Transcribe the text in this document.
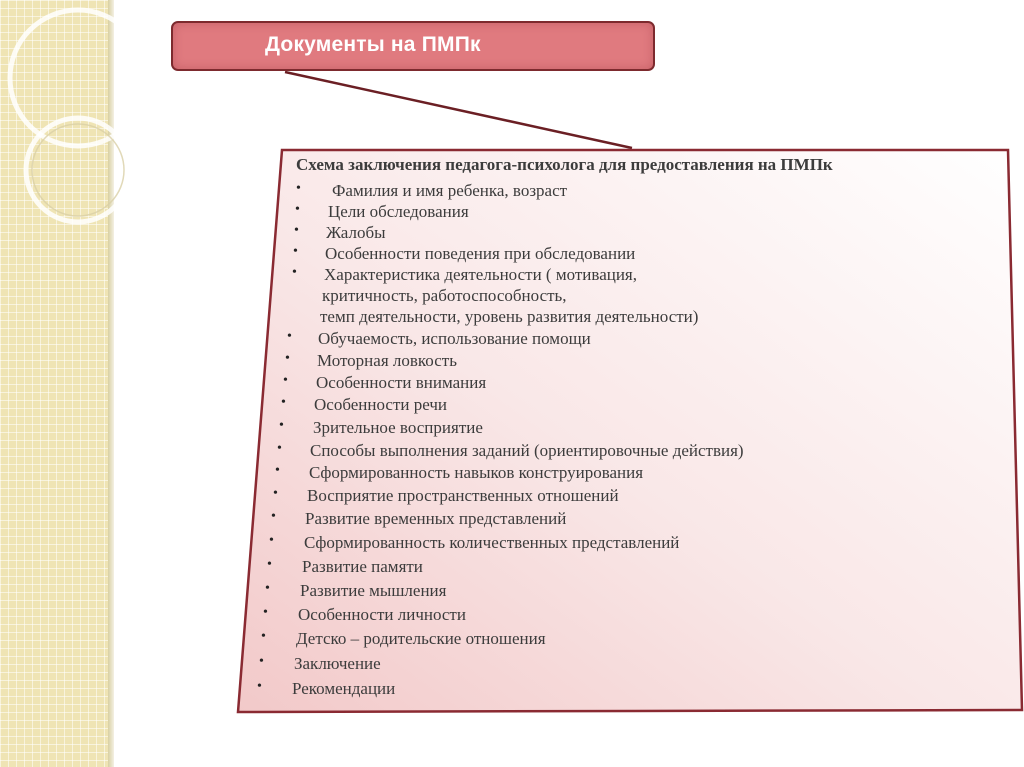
Документы на ПМПк
Схема заключения педагога-психолога для предоставления на ПМПк
• Фамилия и имя ребенка, возраст
• Цели обследования
• Жалобы
• Особенности поведения при обследовании
• Характеристика деятельности ( мотивация,
критичность, работоспособность,
темп деятельности, уровень развития деятельности)
• Обучаемость, использование помощи
• Моторная ловкость
• Особенности внимания
• Особенности речи
• Зрительное восприятие
• Способы выполнения заданий (ориентировочные действия)
• Сформированность навыков конструирования
• Восприятие пространственных отношений
• Развитие временных представлений
• Сформированность количественных представлений
• Развитие памяти
• Развитие мышления
• Особенности личности
• Детско – родительские отношения
• Заключение
• Рекомендации
